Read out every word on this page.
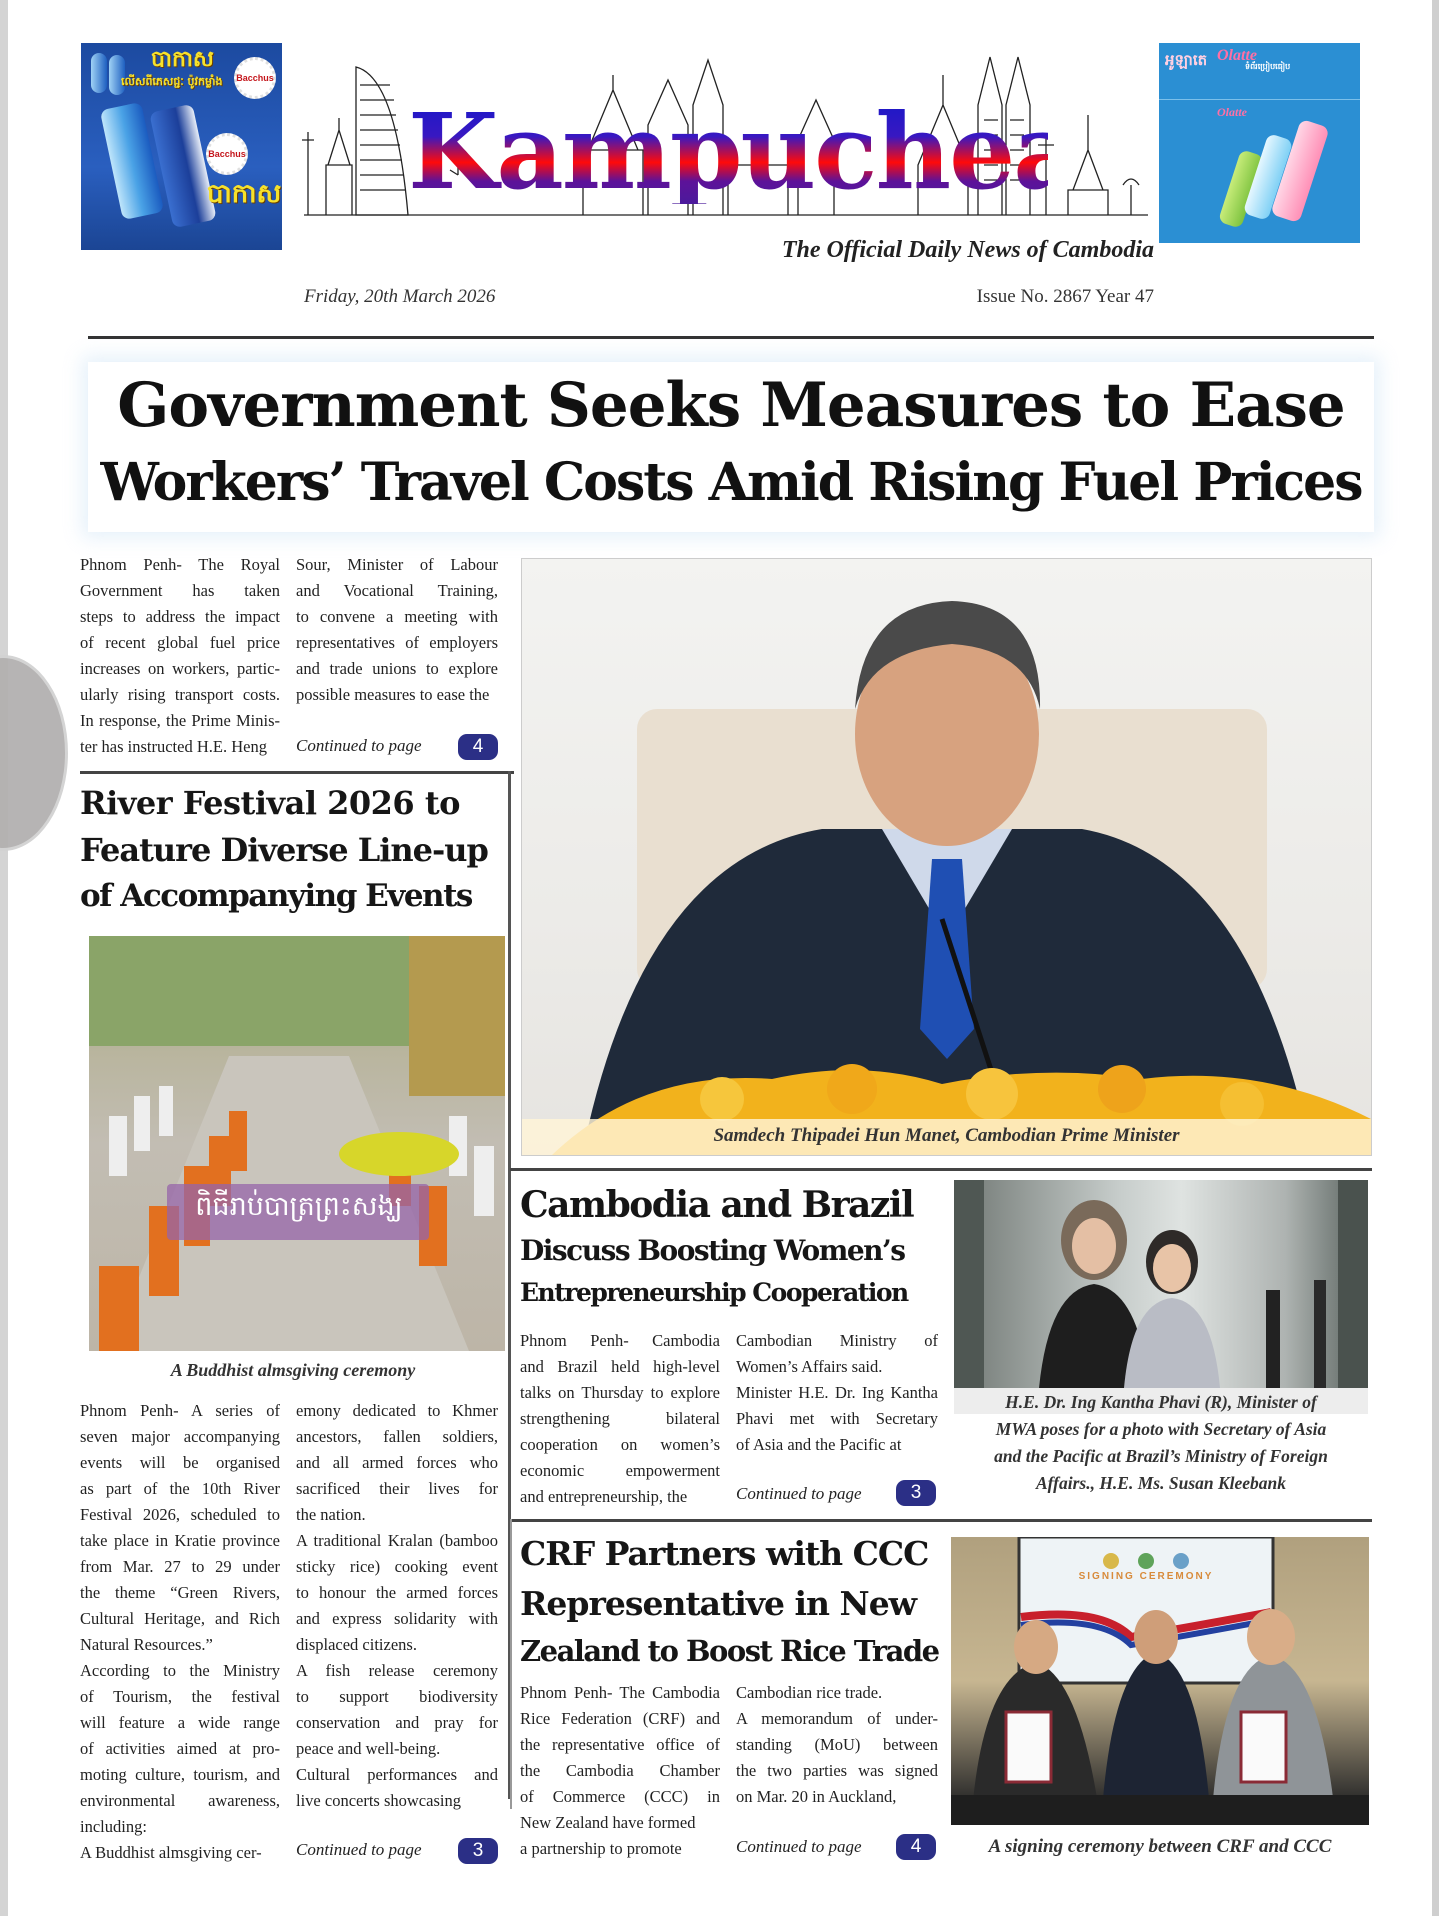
បាកាស
លើសពីភេសជ្ជៈ ប៉ូវកម្លាំង Bacchus
Bacchus
បាកាស Kampuchea
The Official Daily News of Cambodia
អូឡាតេ Olatte
ទំព័រប្រៀបធៀប
Olatte
Friday, 20th March 2026	Issue No. 2867 Year 47
Government Seeks Measures to Ease
Workers’ Travel Costs Amid Rising Fuel Prices
Phnom Penh- The Royal
Government has taken
steps to address the impact
of recent global fuel price
increases on workers, partic-
ularly rising transport costs.
In response, the Prime Minis-
ter has instructed H.E. Heng
Sour, Minister of Labour
and Vocational Training,
to convene a meeting with
representatives of employers
and trade unions to explore
possible measures to ease the
Continued to page	4
Samdech Thipadei Hun Manet, Cambodian Prime Minister
River Festival 2026 to
Feature Diverse Line-up
of Accompanying Events
ពិធីរាប់បាត្រព្រះសង្ឃ
A Buddhist almsgiving ceremony
Phnom Penh- A series of
seven major accompanying
events will be organised
as part of the 10th River
Festival 2026, scheduled to
take place in Kratie province
from Mar. 27 to 29 under
the theme “Green Rivers,
Cultural Heritage, and Rich
Natural Resources.”
According to the Ministry
of Tourism, the festival
will feature a wide range
of activities aimed at pro-
moting culture, tourism, and
environmental awareness,
including:
A Buddhist almsgiving cer-
emony dedicated to Khmer
ancestors, fallen soldiers,
and all armed forces who
sacrificed their lives for
the nation.
A traditional Kralan (bamboo
sticky rice) cooking event
to honour the armed forces
and express solidarity with
displaced citizens.
A fish release ceremony
to support biodiversity
conservation and pray for
peace and well-being.
Cultural performances and
live concerts showcasing
Continued to page	3
Cambodia and Brazil
Discuss Boosting Women’s
Entrepreneurship Cooperation
Phnom Penh- Cambodia
and Brazil held high-level
talks on Thursday to explore
strengthening bilateral
cooperation on women’s
economic empowerment
and entrepreneurship, the
Cambodian Ministry of
Women’s Affairs said.
Minister H.E. Dr. Ing Kantha
Phavi met with Secretary
of Asia and the Pacific at
Continued to page	3
H.E. Dr. Ing Kantha Phavi (R), Minister of
MWA poses for a photo with Secretary of Asia
and the Pacific at Brazil’s Ministry of Foreign
Affairs., H.E. Ms. Susan Kleebank
CRF Partners with CCC
Representative in New
Zealand to Boost Rice Trade
Phnom Penh- The Cambodia
Rice Federation (CRF) and
the representative office of
the Cambodia Chamber
of Commerce (CCC) in
New Zealand have formed
a partnership to promote
Cambodian rice trade.
A memorandum of under-
standing (MoU) between
the two parties was signed
on Mar. 20 in Auckland,
Continued to page	4
SIGNING CEREMONY
A signing ceremony between CRF and CCC
